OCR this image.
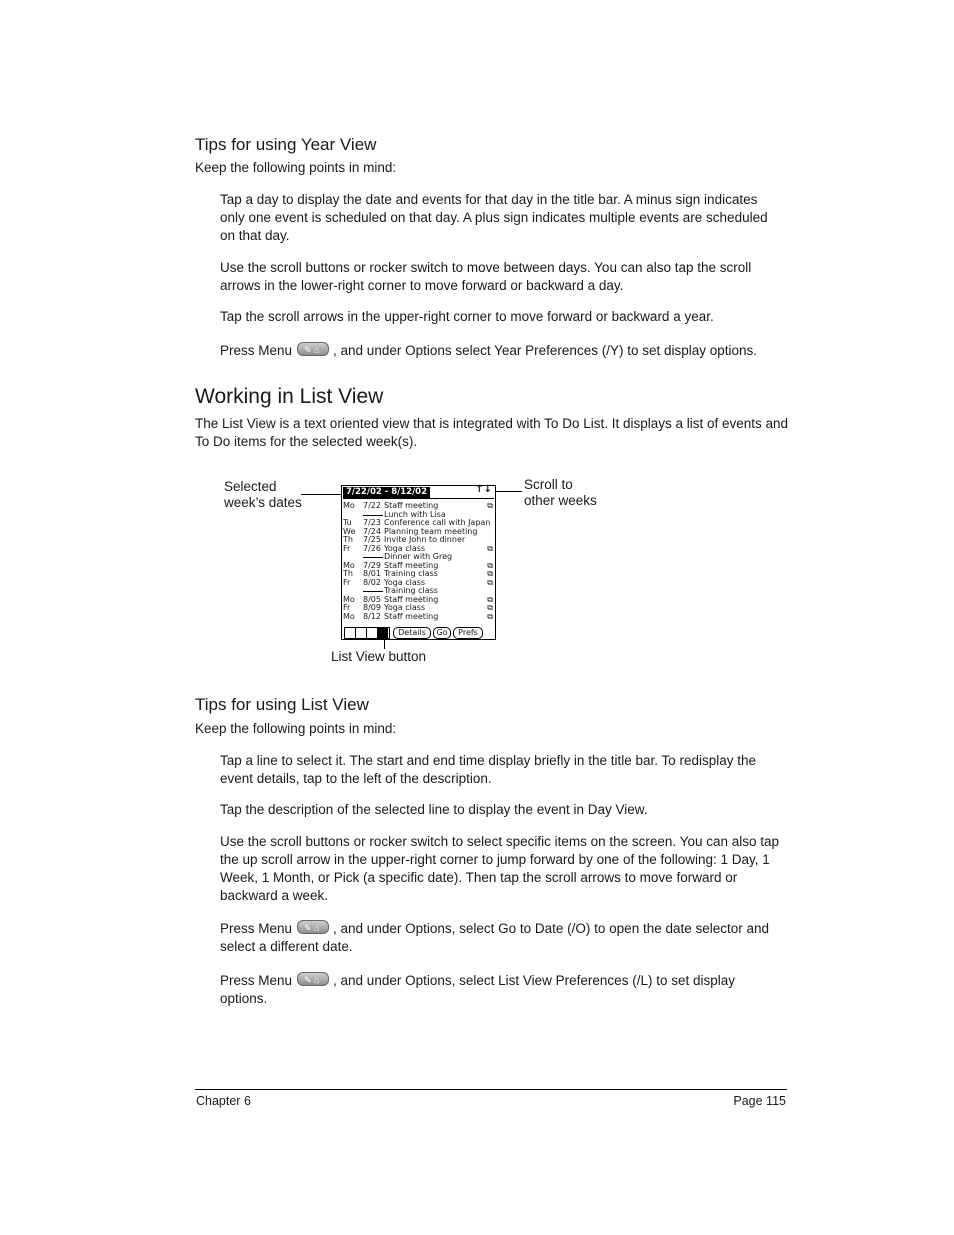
Tips for using Year View
Keep the following points in mind:
Tap a day to display the date and events for that day in the title bar. A minus sign indicates only one event is scheduled on that day. A plus sign indicates multiple events are scheduled on that day.
Use the scroll buttons or rocker switch to move between days. You can also tap the scroll arrows in the lower-right corner to move forward or backward a day.
Tap the scroll arrows in the upper-right corner to move forward or backward a year.
Press Menu ✎ ⌂	, and under Options select Year Preferences (/Y) to set display options.
Working in List View
The List View is a text oriented view that is integrated with To Do List. It displays a list of events and To Do items for the selected week(s).
Selected
week’s dates
Scroll to
other weeks
List View button
7/22/02 - 8/12/02	↑↓
Mo	7/22 Staff meeting	⧉
Lunch with Lisa
Tu	7/23 Conference call with Japan
We 7/24 Planning team meeting
Th	7/25 Invite John to dinner
Fr	7/26 Yoga class	⧉
Dinner with Greg
Mo	7/29 Staff meeting	⧉
Th	8/01 Training class	⧉
Fr	8/02 Yoga class	⧉
Training class
Mo	8/05 Staff meeting	⧉
Fr	8/09 Yoga class	⧉
Mo	8/12 Staff meeting	⧉
Details	Go	Prefs
Tips for using List View
Keep the following points in mind:
Tap a line to select it. The start and end time display briefly in the title bar. To redisplay the event details, tap to the left of the description.
Tap the description of the selected line to display the event in Day View.
Use the scroll buttons or rocker switch to select specific items on the screen. You can also tap the up scroll arrow in the upper-right corner to jump forward by one of the following: 1 Day, 1 Week, 1 Month, or Pick (a specific date). Then tap the scroll arrows to move forward or backward a week.
Press Menu ✎ ⌂	, and under Options, select Go to Date (/O) to open the date selector and select a different date.
Press Menu ✎ ⌂	, and under Options, select List View Preferences (/L) to set display options.
Chapter 6	Page 115
